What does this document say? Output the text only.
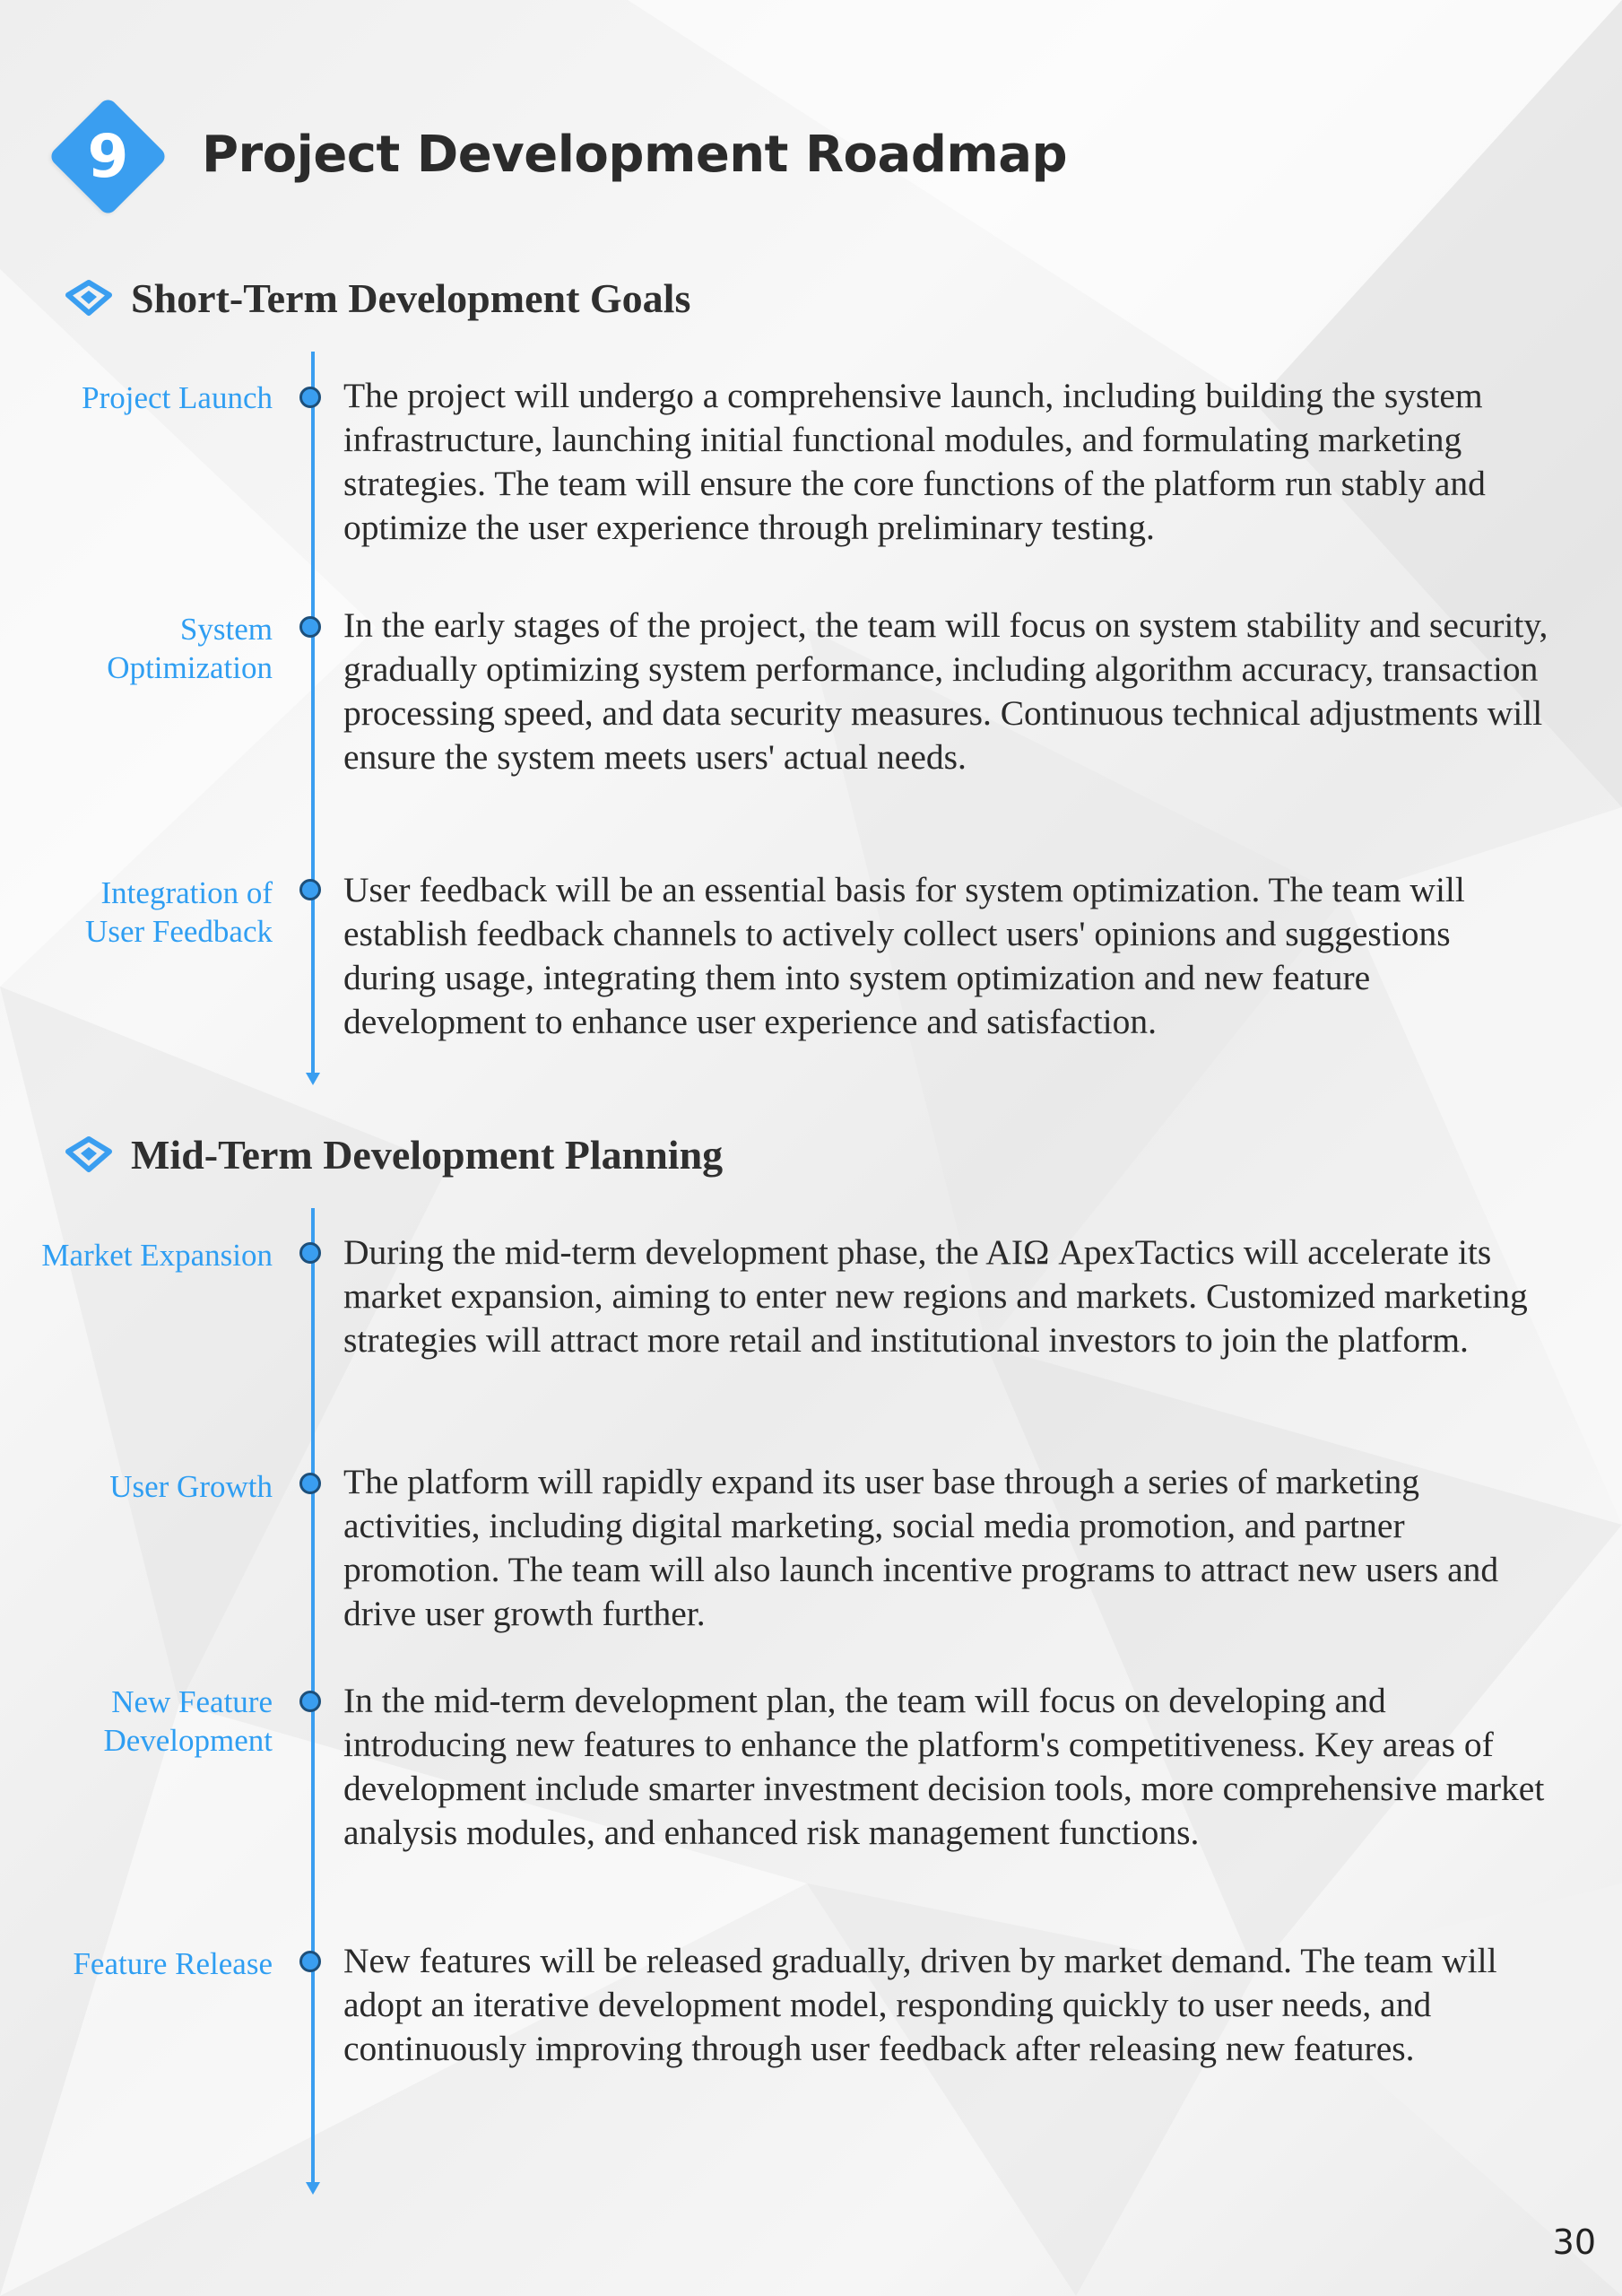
9	Project Development Roadmap
Short-Term Development Goals
Project Launch The project will undergo a comprehensive launch, including building the system infrastructure, launching initial functional modules, and formulating marketing strategies. The team will ensure the core functions of the platform run stably and optimize the user experience through preliminary testing.
System Optimization
In the early stages of the project, the team will focus on system stability and security, gradually optimizing system performance, including algorithm accuracy, transaction processing speed, and data security measures. Continuous technical adjustments will ensure the system meets users' actual needs.
Integration of User Feedback
User feedback will be an essential basis for system optimization. The team will establish feedback channels to actively collect users' opinions and suggestions during usage, integrating them into system optimization and new feature development to enhance user experience and satisfaction.
Mid-Term Development Planning
Market Expansion During the mid-term development phase, the AIΩ ApexTactics will accelerate its market expansion, aiming to enter new regions and markets. Customized marketing strategies will attract more retail and institutional investors to join the platform.
User Growth The platform will rapidly expand its user base through a series of marketing activities, including digital marketing, social media promotion, and partner promotion. The team will also launch incentive programs to attract new users and drive user growth further.
New Feature Development
In the mid-term development plan, the team will focus on developing and introducing new features to enhance the platform's competitiveness. Key areas of development include smarter investment decision tools, more comprehensive market analysis modules, and enhanced risk management functions.
Feature Release New features will be released gradually, driven by market demand. The team will adopt an iterative development model, responding quickly to user needs, and continuously improving through user feedback after releasing new features.
30
